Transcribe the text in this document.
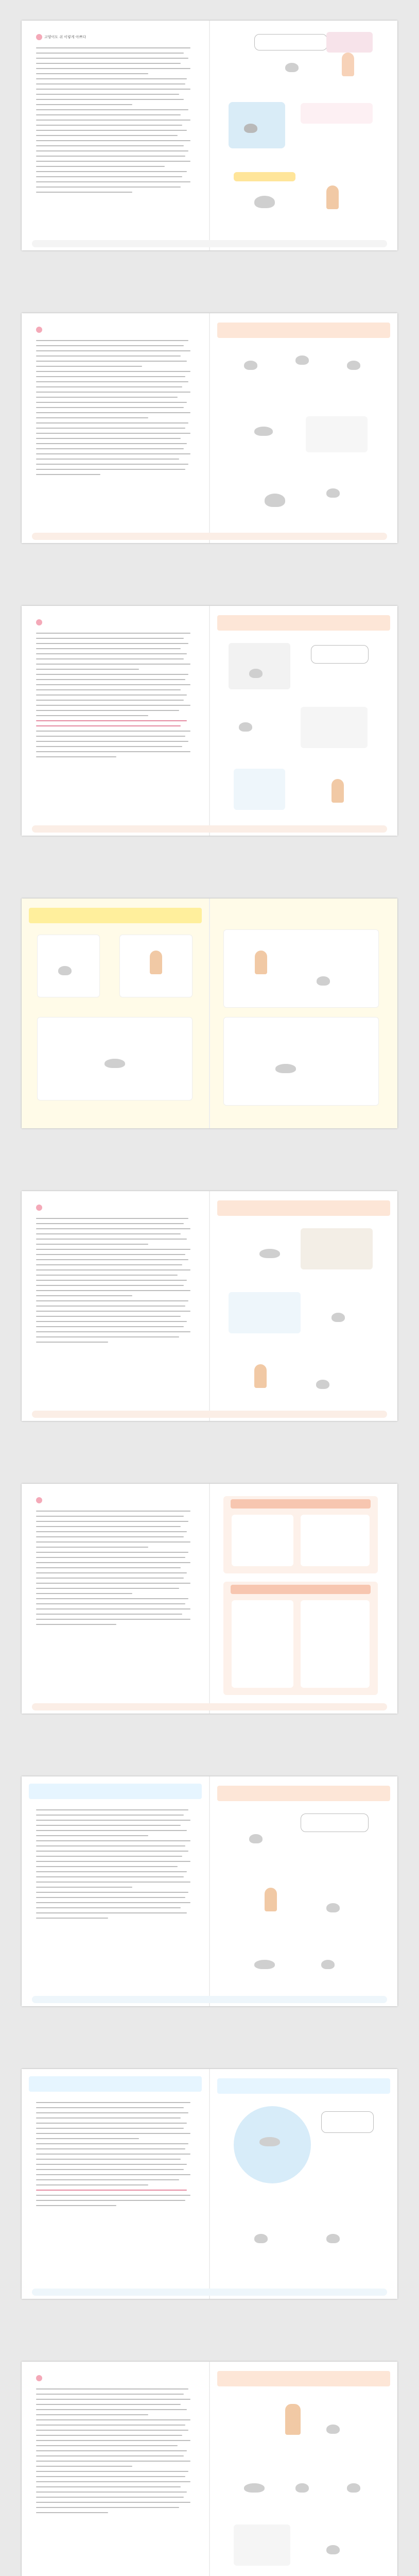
고양이도 쉬 이렇게 아쁘다
